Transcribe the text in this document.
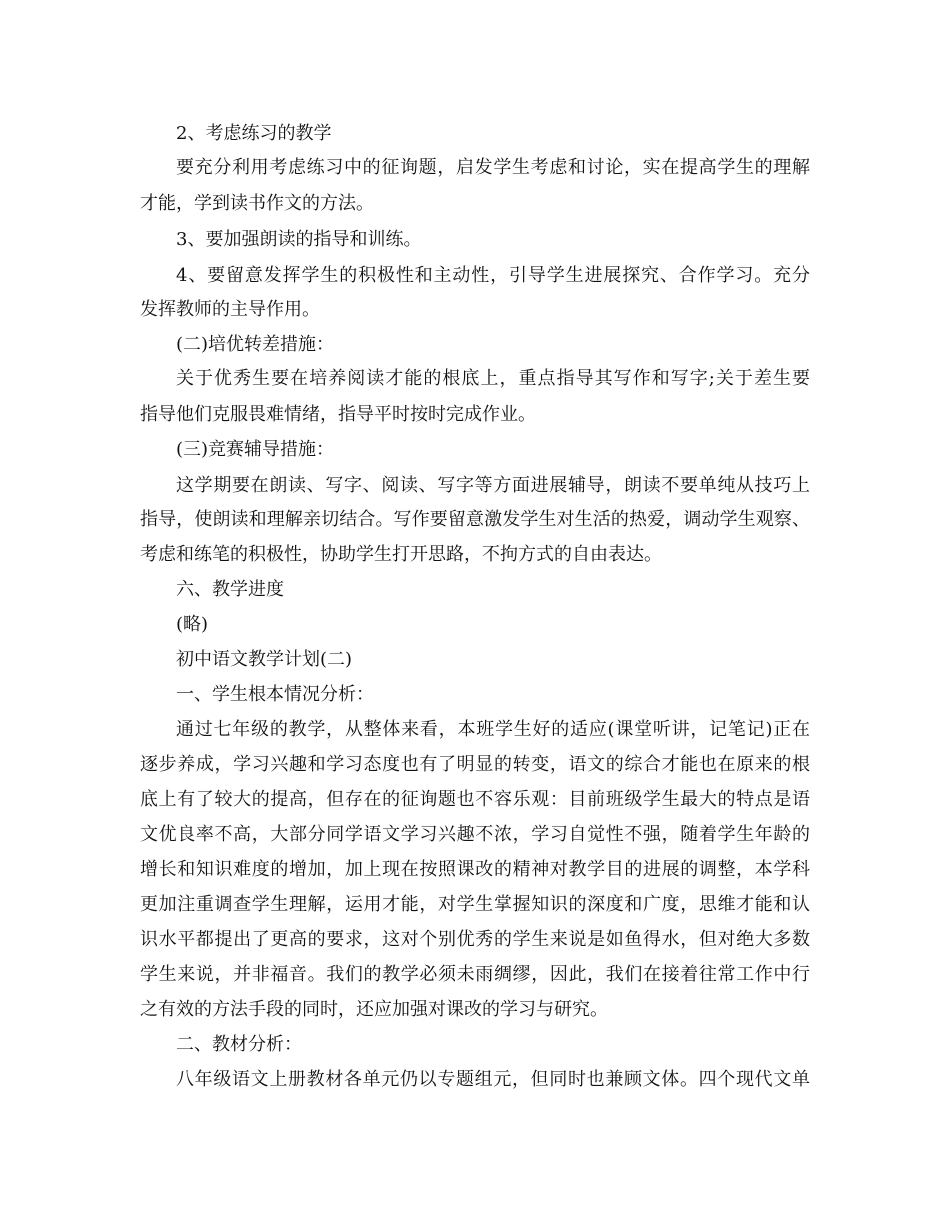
2、考虑练习的教学
要充分利用考虑练习中的征询题，启发学生考虑和讨论，实在提高学生的理解
才能，学到读书作文的方法。
3、要加强朗读的指导和训练。
4、要留意发挥学生的积极性和主动性，引导学生进展探究、合作学习。充分
发挥教师的主导作用。
(二)培优转差措施：
关于优秀生要在培养阅读才能的根底上，重点指导其写作和写字;关于差生要
指导他们克服畏难情绪，指导平时按时完成作业。
(三)竞赛辅导措施：
这学期要在朗读、写字、阅读、写字等方面进展辅导，朗读不要单纯从技巧上
指导，使朗读和理解亲切结合。写作要留意激发学生对生活的热爱，调动学生观察、
考虑和练笔的积极性，协助学生打开思路，不拘方式的自由表达。
六、教学进度
(略)
初中语文教学计划(二)
一、学生根本情况分析：
通过七年级的教学，从整体来看，本班学生好的适应(课堂听讲，记笔记)正在
逐步养成，学习兴趣和学习态度也有了明显的转变，语文的综合才能也在原来的根
底上有了较大的提高，但存在的征询题也不容乐观：目前班级学生最大的特点是语
文优良率不高，大部分同学语文学习兴趣不浓，学习自觉性不强，随着学生年龄的
增长和知识难度的增加，加上现在按照课改的精神对教学目的进展的调整，本学科
更加注重调查学生理解，运用才能，对学生掌握知识的深度和广度，思维才能和认
识水平都提出了更高的要求，这对个别优秀的学生来说是如鱼得水，但对绝大多数
学生来说，并非福音。我们的教学必须未雨绸缪，因此，我们在接着往常工作中行
之有效的方法手段的同时，还应加强对课改的学习与研究。
二、教材分析：
八年级语文上册教材各单元仍以专题组元，但同时也兼顾文体。四个现代文单
